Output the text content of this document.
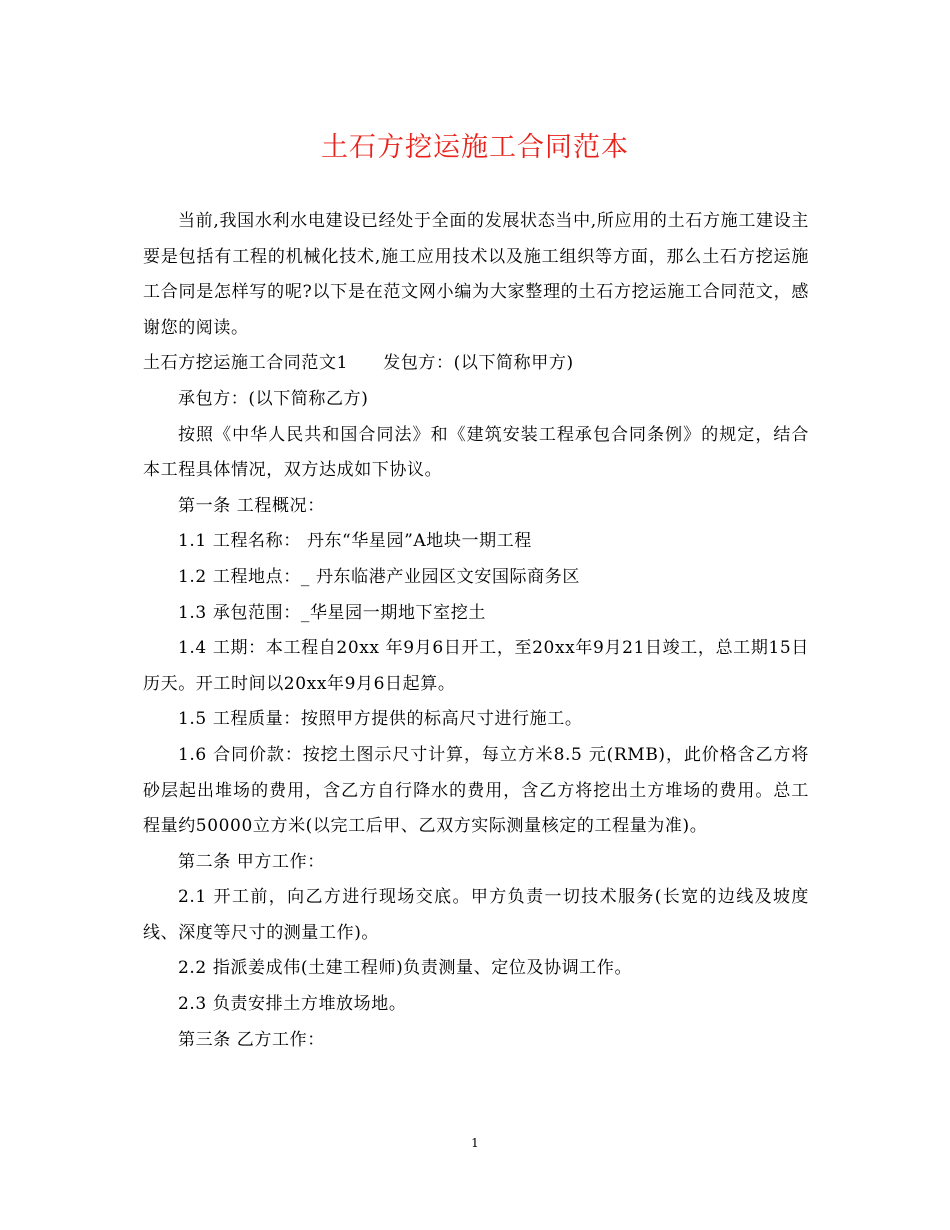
土石方挖运施工合同范本

当前,我国水利水电建设已经处于全面的发展状态当中,所应用的土石方施工建设主要是包括有工程的机械化技术,施工应用技术以及施工组织等方面，那么土石方挖运施工合同是怎样写的呢?以下是在范文网小编为大家整理的土石方挖运施工合同范文，感谢您的阅读。

土石方挖运施工合同范文1　　发包方：(以下简称甲方)

承包方：(以下简称乙方)

按照《中华人民共和国合同法》和《建筑安装工程承包合同条例》的规定，结合本工程具体情况，双方达成如下协议。

第一条 工程概况：

1.1 工程名称： 丹东“华星园”A地块一期工程

1.2 工程地点：_ 丹东临港产业园区文安国际商务区

1.3 承包范围：_华星园一期地下室挖土

1.4 工期：本工程自20xx 年9月6日开工，至20xx年9月21日竣工，总工期15日历天。开工时间以20xx年9月6日起算。

1.5 工程质量：按照甲方提供的标高尺寸进行施工。

1.6 合同价款：按挖土图示尺寸计算，每立方米8.5 元(RMB)，此价格含乙方将砂层起出堆场的费用，含乙方自行降水的费用，含乙方将挖出土方堆场的费用。总工程量约50000立方米(以完工后甲、乙双方实际测量核定的工程量为准)。

第二条 甲方工作：

2.1 开工前，向乙方进行现场交底。甲方负责一切技术服务(长宽的边线及坡度线、深度等尺寸的测量工作)。

2.2 指派姜成伟(土建工程师)负责测量、定位及协调工作。

2.3 负责安排土方堆放场地。

第三条 乙方工作：

1
